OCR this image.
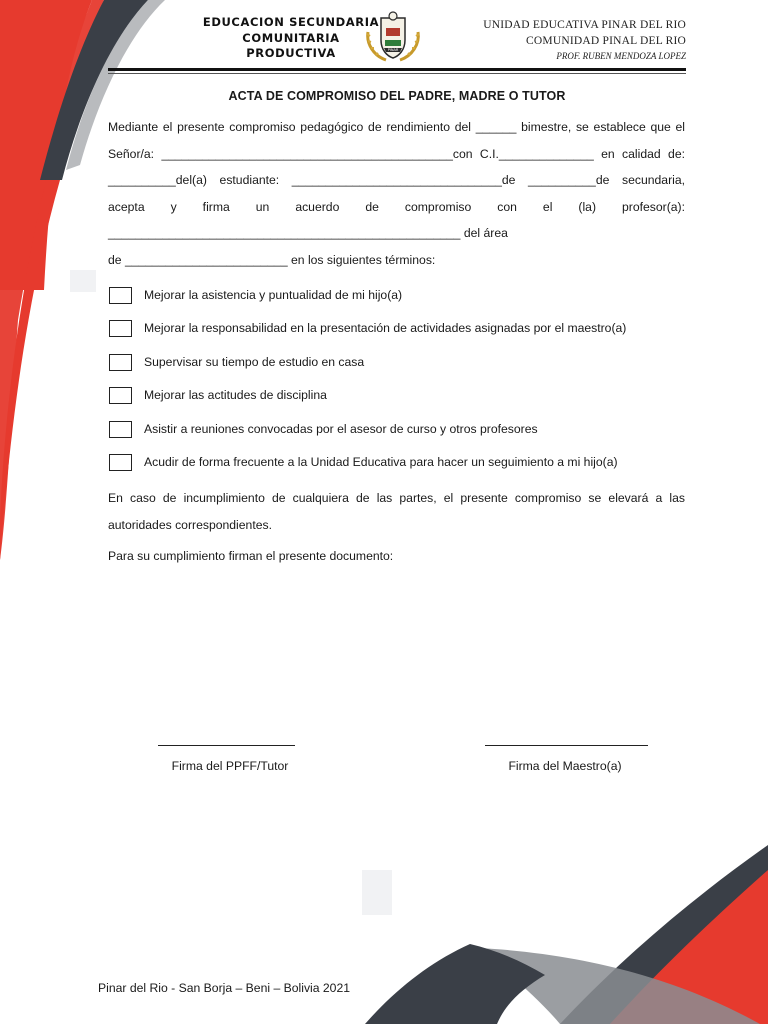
EDUCACION SECUNDARIA
COMUNITARIA
PRODUCTIVA	PINAR
UNIDAD EDUCATIVA PINAR DEL RIO
COMUNIDAD PINAL DEL RIO
PROF. RUBEN MENDOZA LOPEZ
ACTA DE COMPROMISO DEL PADRE, MADRE O TUTOR
Mediante el presente compromiso pedagógico de rendimiento del ______ bimestre, se establece que el Señor/a: ___________________________________________con C.I.______________ en calidad de: __________del(a) estudiante: _______________________________de __________de secundaria, acepta y firma un acuerdo de compromiso con el (la) profesor(a): ____________________________________________________ del área
de ________________________ en los siguientes términos:
Mejorar la asistencia y puntualidad de mi hijo(a)
Mejorar la responsabilidad en la presentación de actividades asignadas por el maestro(a)
Supervisar su tiempo de estudio en casa
Mejorar las actitudes de disciplina
Asistir a reuniones convocadas por el asesor de curso y otros profesores
Acudir de forma frecuente a la Unidad Educativa para hacer un seguimiento a mi hijo(a)
En caso de incumplimiento de cualquiera de las partes, el presente compromiso se elevará a las autoridades correspondientes.
Para su cumplimiento firman el presente documento:
Firma del PPFF/Tutor	Firma del Maestro(a)
Pinar del Rio - San Borja – Beni – Bolivia 2021
